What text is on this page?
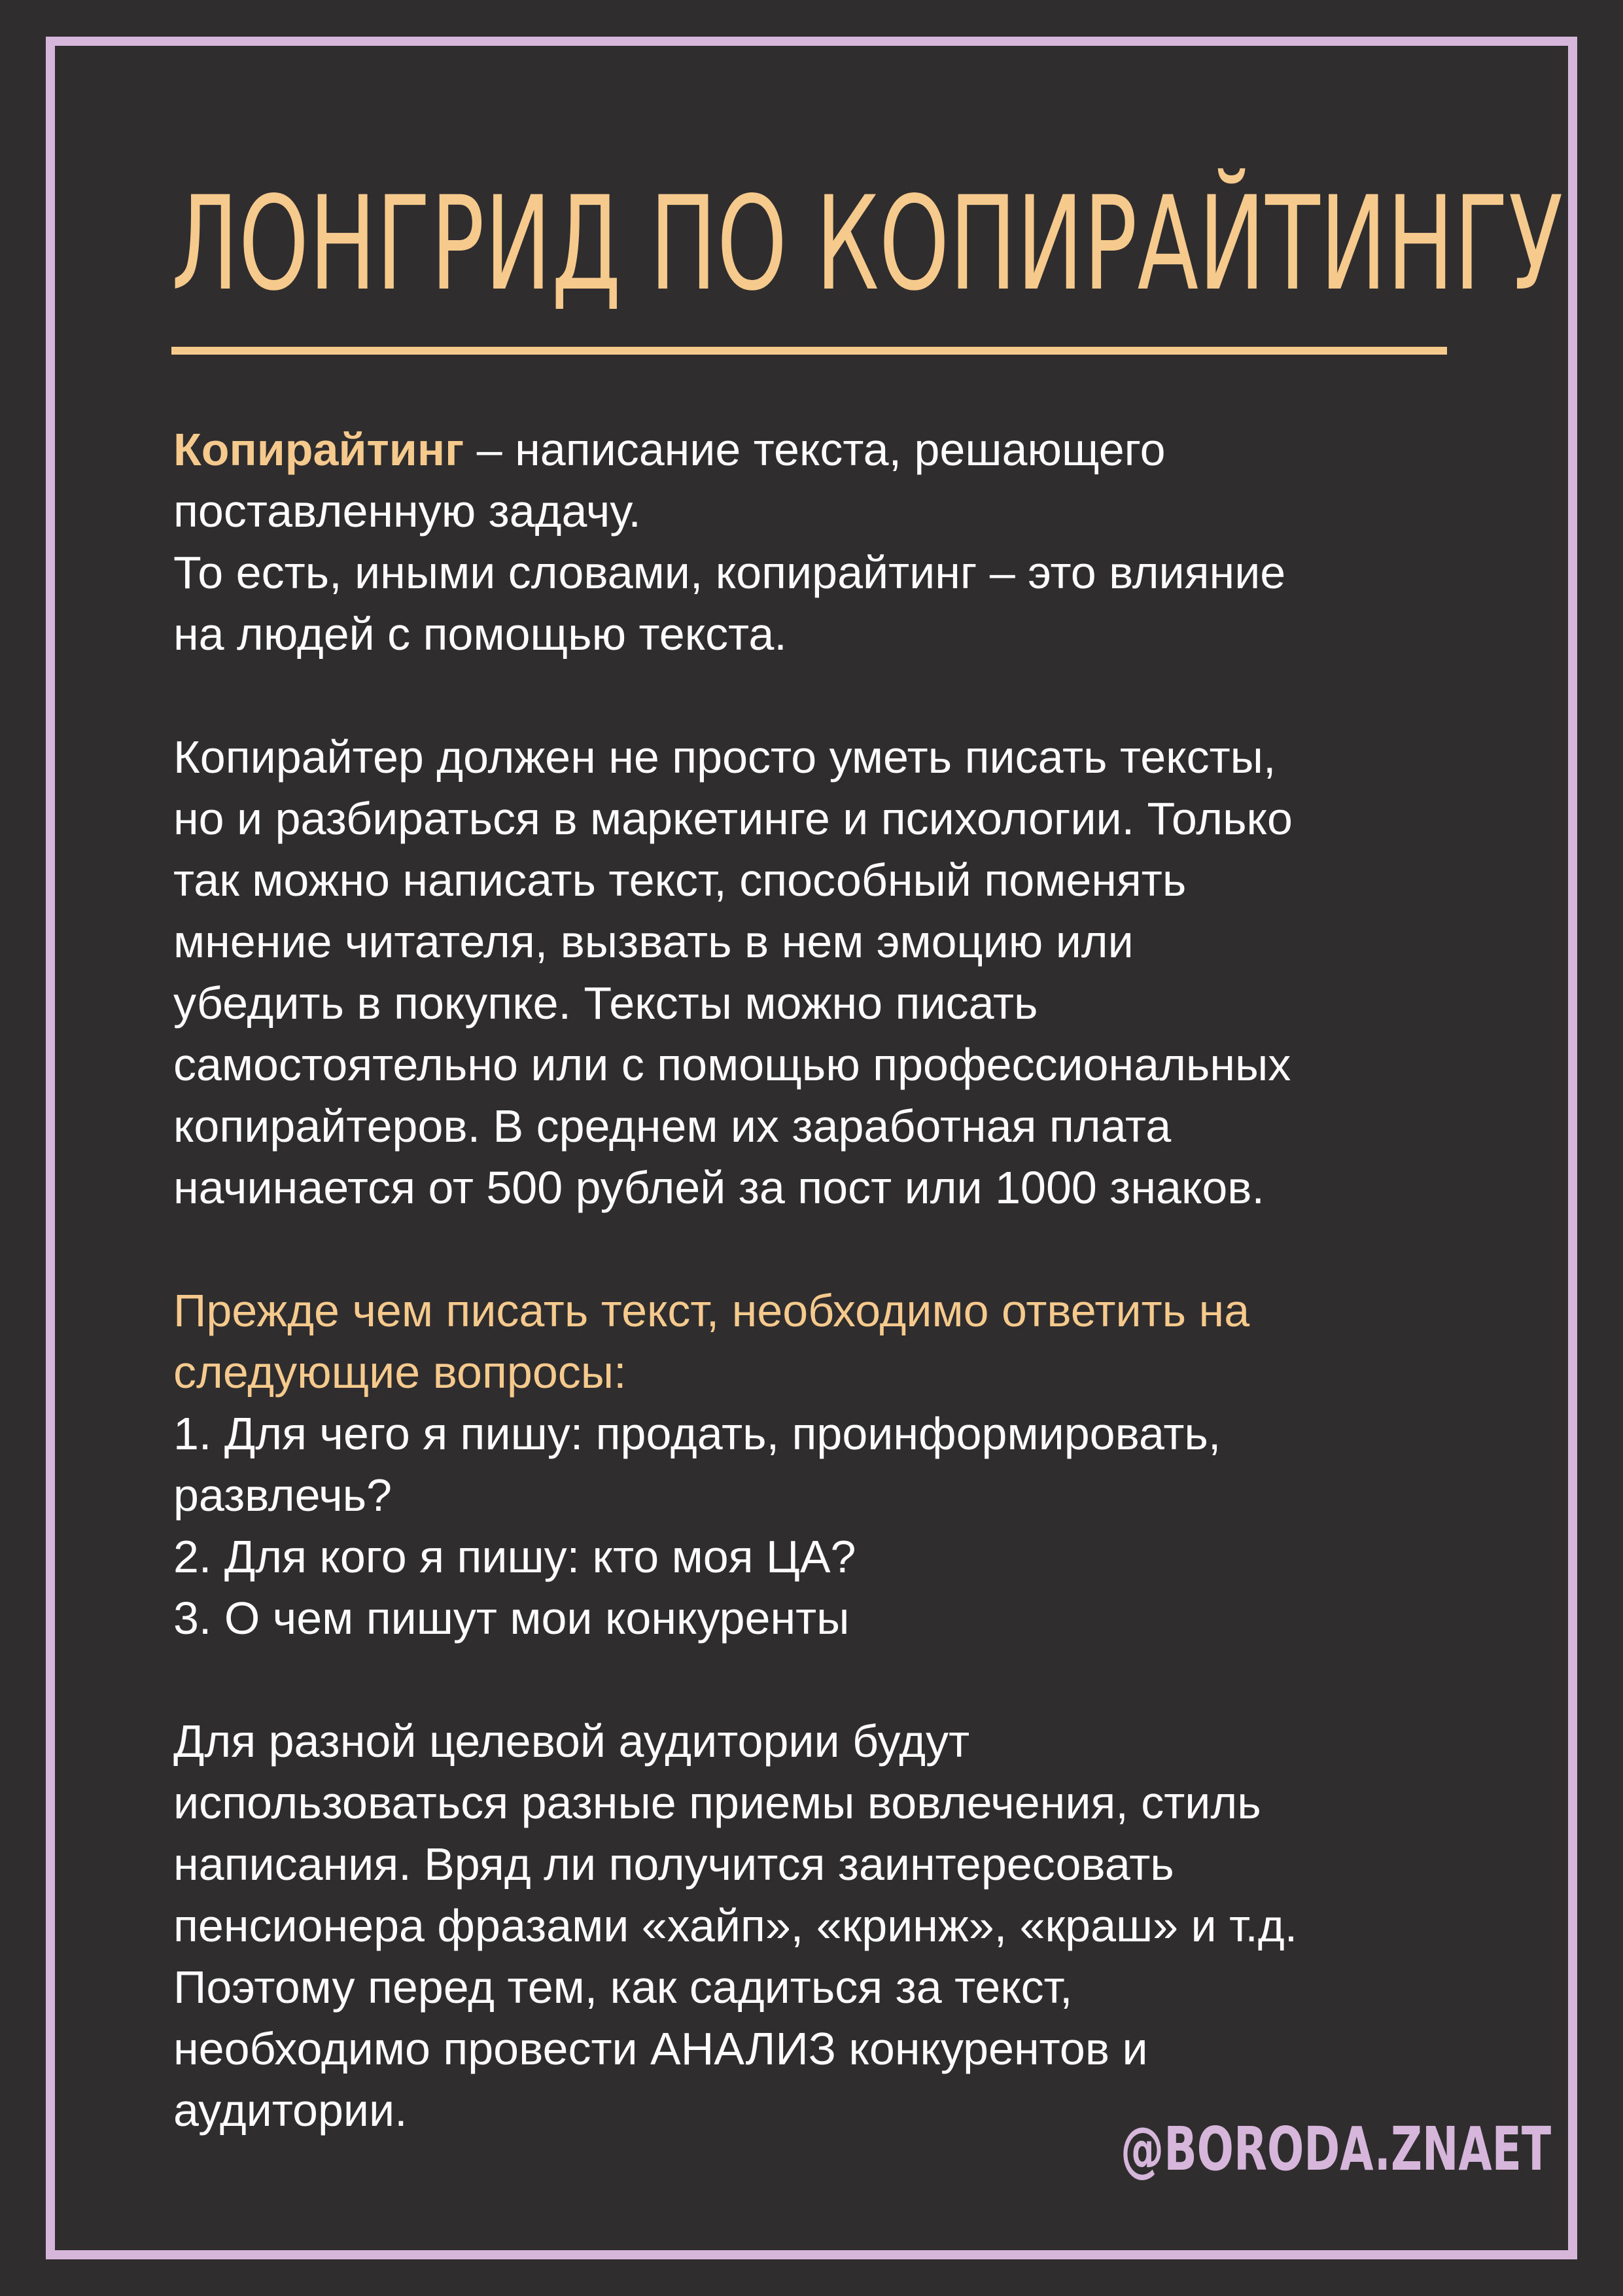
ЛОНГРИД ПО КОПИРАЙТИНГУ

Копирайтинг – написание текста, решающего

поставленную задачу.

То есть, иными словами, копирайтинг – это влияние

на людей с помощью текста.

Копирайтер должен не просто уметь писать тексты,

но и разбираться в маркетинге и психологии. Только

так можно написать текст, способный поменять

мнение читателя, вызвать в нем эмоцию или

убедить в покупке. Тексты можно писать

самостоятельно или с помощью профессиональных

копирайтеров. В среднем их заработная плата

начинается от 500 рублей за пост или 1000 знаков.

Прежде чем писать текст, необходимо ответить на

следующие вопросы:

1. Для чего я пишу: продать, проинформировать,

развлечь?

2. Для кого я пишу: кто моя ЦА?

3. О чем пишут мои конкуренты

Для разной целевой аудитории будут

использоваться разные приемы вовлечения, стиль

написания. Вряд ли получится заинтересовать

пенсионера фразами «хайп», «кринж», «краш» и т.д.

Поэтому перед тем, как садиться за текст,

необходимо провести АНАЛИЗ конкурентов и

аудитории.

@BORODA.ZNAET
